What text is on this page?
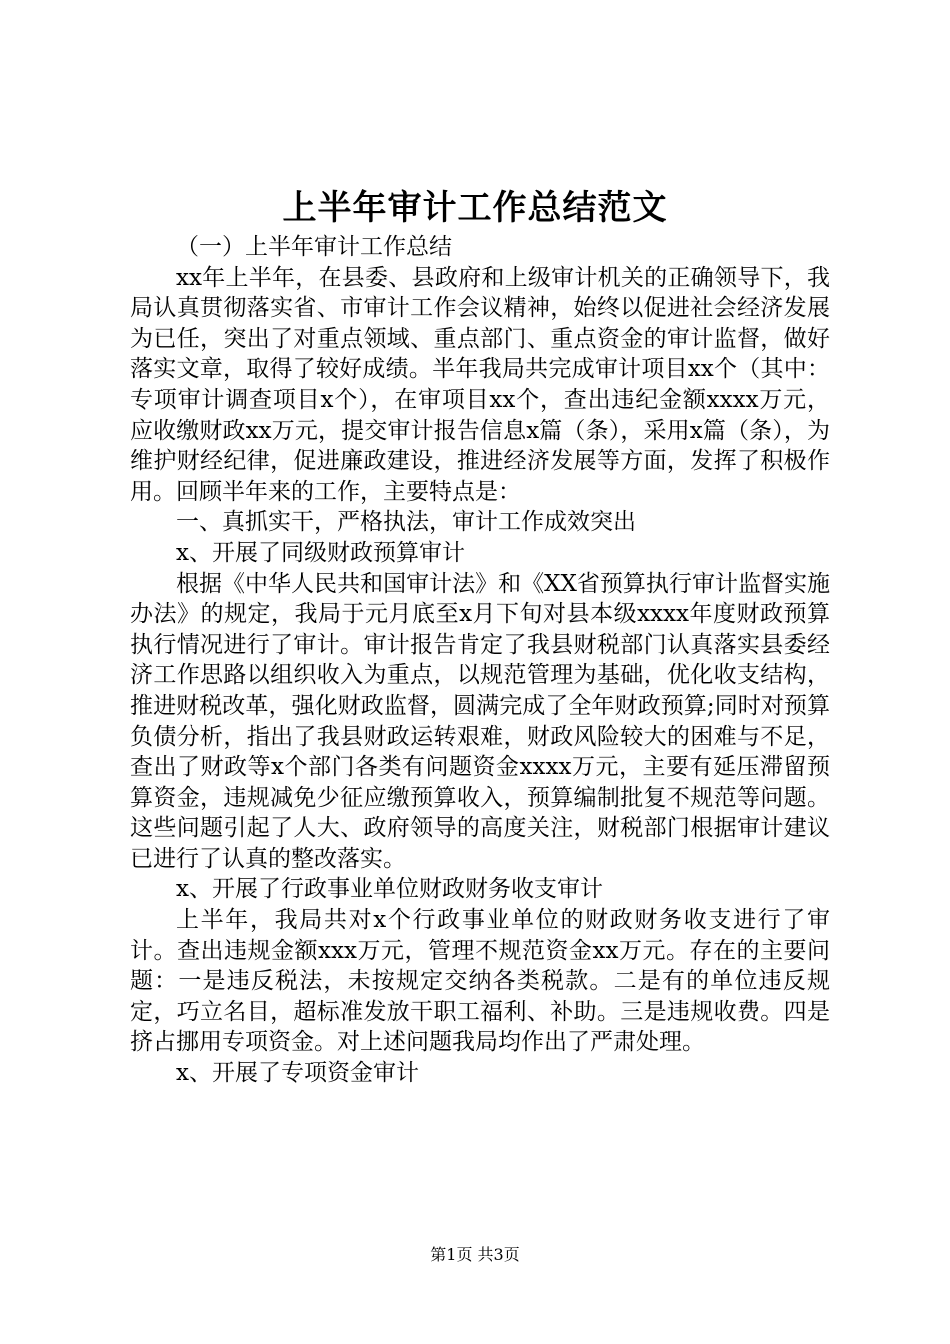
上半年审计工作总结范文

（一）上半年审计工作总结

xx年上半年，在县委、县政府和上级审计机关的正确领导下，我局认真贯彻落实省、市审计工作会议精神，始终以促进社会经济发展为已任，突出了对重点领域、重点部门、重点资金的审计监督，做好落实文章，取得了较好成绩。半年我局共完成审计项目xx个（其中：专项审计调查项目x个），在审项目xx个，查出违纪金额xxxx万元，应收缴财政xx万元，提交审计报告信息x篇（条），采用x篇（条），为维护财经纪律，促进廉政建设，推进经济发展等方面，发挥了积极作用。回顾半年来的工作，主要特点是：

一、真抓实干，严格执法，审计工作成效突出

x、开展了同级财政预算审计

根据《中华人民共和国审计法》和《XX省预算执行审计监督实施办法》的规定，我局于元月底至x月下旬对县本级xxxx年度财政预算执行情况进行了审计。审计报告肯定了我县财税部门认真落实县委经济工作思路以组织收入为重点，以规范管理为基础，优化收支结构，推进财税改革，强化财政监督，圆满完成了全年财政预算;同时对预算负债分析，指出了我县财政运转艰难，财政风险较大的困难与不足，查出了财政等x个部门各类有问题资金xxxx万元，主要有延压滞留预算资金，违规减免少征应缴预算收入，预算编制批复不规范等问题。这些问题引起了人大、政府领导的高度关注，财税部门根据审计建议已进行了认真的整改落实。

x、开展了行政事业单位财政财务收支审计

上半年，我局共对x个行政事业单位的财政财务收支进行了审计。查出违规金额xxx万元，管理不规范资金xx万元。存在的主要问题：一是违反税法，未按规定交纳各类税款。二是有的单位违反规定，巧立名目，超标准发放干职工福利、补助。三是违规收费。四是挤占挪用专项资金。对上述问题我局均作出了严肃处理。

x、开展了专项资金审计

第1页 共3页
